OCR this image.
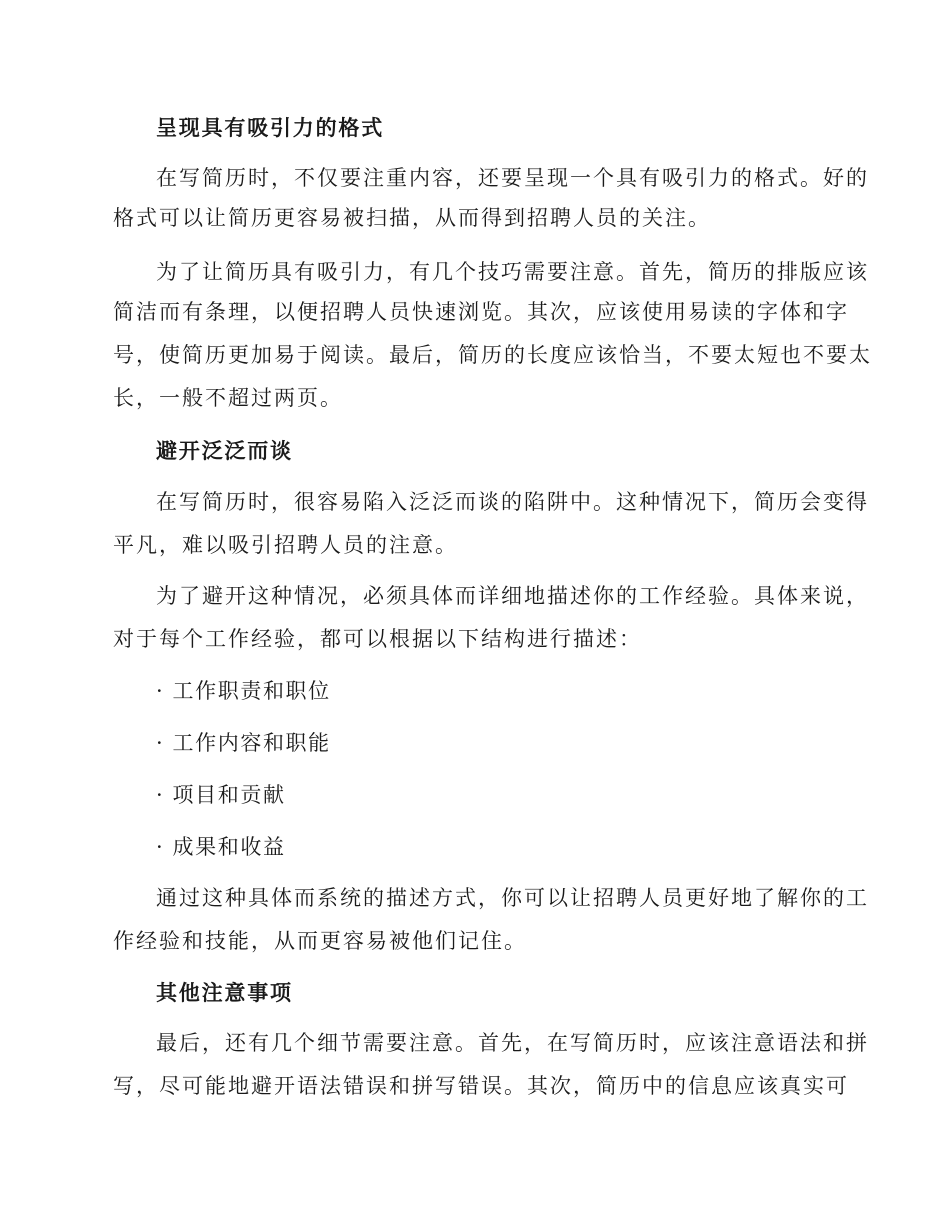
呈现具有吸引力的格式
在写简历时，不仅要注重内容，还要呈现一个具有吸引力的格式。好的
格式可以让简历更容易被扫描，从而得到招聘人员的关注。
为了让简历具有吸引力，有几个技巧需要注意。首先，简历的排版应该
简洁而有条理，以便招聘人员快速浏览。其次，应该使用易读的字体和字
号，使简历更加易于阅读。最后，简历的长度应该恰当，不要太短也不要太
长，一般不超过两页。
避开泛泛而谈
在写简历时，很容易陷入泛泛而谈的陷阱中。这种情况下，简历会变得
平凡，难以吸引招聘人员的注意。
为了避开这种情况，必须具体而详细地描述你的工作经验。具体来说，
对于每个工作经验，都可以根据以下结构进行描述：
· 工作职责和职位
· 工作内容和职能
· 项目和贡献
· 成果和收益
通过这种具体而系统的描述方式，你可以让招聘人员更好地了解你的工
作经验和技能，从而更容易被他们记住。
其他注意事项
最后，还有几个细节需要注意。首先，在写简历时，应该注意语法和拼
写，尽可能地避开语法错误和拼写错误。其次，简历中的信息应该真实可
